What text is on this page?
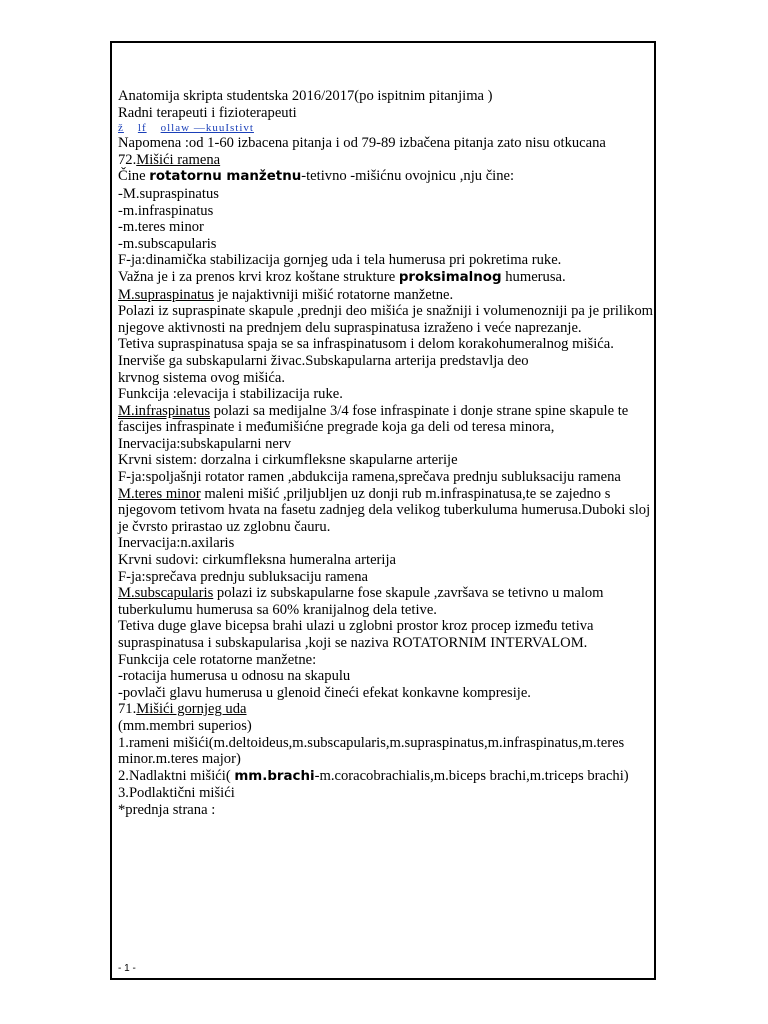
Anatomija skripta studentska 2016/2017(po ispitnim pitanjima )

Radni terapeuti i fizioterapeuti

ž lf ollaw —kuuIstivt

Napomena :od 1-60 izbacena pitanja i od 79-89 izbačena pitanja zato nisu otkucana

72.Mišići ramena

Čine rotatornu manžetnu-tetivno -mišićnu ovojnicu ,nju čine:

-M.supraspinatus

-m.infraspinatus

-m.teres minor

-m.subscapularis

F-ja:dinamička stabilizacija gornjeg uda i tela humerusa pri pokretima ruke.

Važna je i za prenos krvi kroz koštane strukture proksimalnog humerusa.

M.supraspinatus je najaktivniji mišić rotatorne manžetne.

Polazi iz supraspinate skapule ,prednji deo mišića je snažniji i volumenozniji pa je prilikom njegove aktivnosti na prednjem delu supraspinatusa izraženo i veće naprezanje.

Tetiva supraspinatusa spaja se sa infraspinatusom i delom korakohumeralnog mišića.

Inerviše ga subskapularni živac.Subskapularna arterija predstavlja deo

krvnog sistema ovog mišića.

Funkcija :elevacija i stabilizacija ruke.

M.infraspinatus polazi sa medijalne 3/4 fose infraspinate i donje strane spine skapule te fascijes infraspinate i međumišićne pregrade koja ga deli od teresa minora,

Inervacija:subskapularni nerv

Krvni sistem: dorzalna i cirkumfleksne skapularne arterije

F-ja:spoljašnji rotator ramen ,abdukcija ramena,sprečava prednju subluksaciju ramena

M.teres minor maleni mišić ,priljubljen uz donji rub m.infraspinatusa,te se zajedno s njegovom tetivom hvata na fasetu zadnjeg dela velikog tuberkuluma humerusa.Duboki sloj je čvrsto prirastao uz zglobnu čauru.

Inervacija:n.axilaris

Krvni sudovi: cirkumfleksna humeralna arterija

F-ja:sprečava prednju subluksaciju ramena

M.subscapularis polazi iz subskapularne fose skapule ,završava se tetivno u malom tuberkulumu humerusa sa 60% kranijalnog dela tetive.

Tetiva duge glave bicepsa brahi ulazi u zglobni prostor kroz procep između tetiva supraspinatusa i subskapularisa ,koji se naziva ROTATORNIM INTERVALOM.

Funkcija cele rotatorne manžetne:

-rotacija humerusa u odnosu na skapulu

-povlači glavu humerusa u glenoid čineći efekat konkavne kompresije.

71.Mišići gornjeg uda

(mm.membri superios)

1.rameni mišići(m.deltoideus,m.subscapularis,m.supraspinatus,m.infraspinatus,m.teres minor.m.teres major)

2.Nadlaktni mišići( mm.brachi-m.coracobrachialis,m.biceps brachi,m.triceps brachi)

3.Podlaktični mišići

*prednja strana :

- 1 -
